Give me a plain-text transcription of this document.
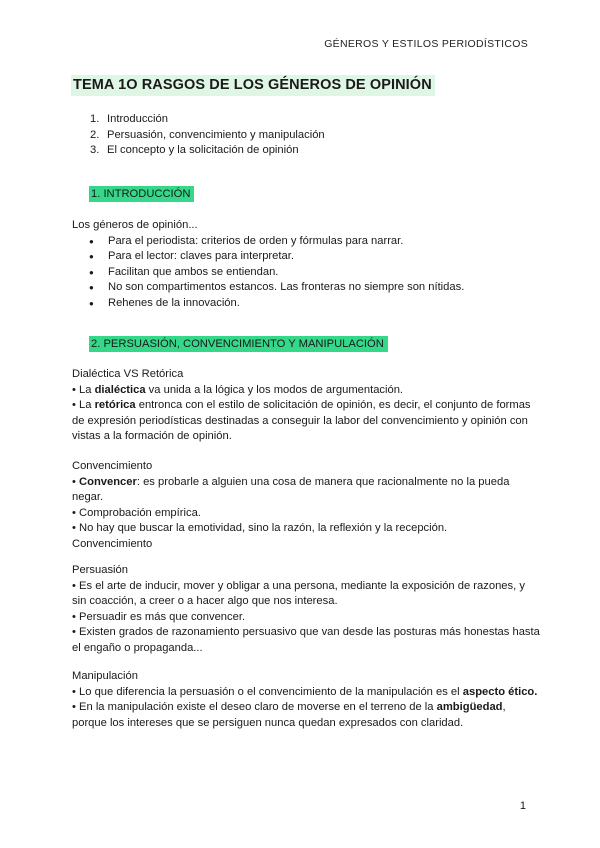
GÉNEROS Y ESTILOS PERIODÍSTICOS
TEMA 1O RASGOS DE LOS GÉNEROS DE OPINIÓN
1. Introducción
2. Persuasión, convencimiento y manipulación
3. El concepto y la solicitación de opinión
1. INTRODUCCIÓN

Los géneros de opinión...

● Para el periodista: criterios de orden y fórmulas para narrar.
● Para el lector: claves para interpretar.
● Facilitan que ambos se entiendan.
● No son compartimentos estancos. Las fronteras no siempre son nítidas.
● Rehenes de la innovación.
2. PERSUASIÓN, CONVENCIMIENTO Y MANIPULACIÓN

Dialéctica VS Retórica

• La dialéctica va unida a la lógica y los modos de argumentación.

• La retórica entronca con el estilo de solicitación de opinión, es decir, el conjunto de formas de expresión periodísticas destinadas a conseguir la labor del convencimiento y opinión con vistas a la formación de opinión.

Convencimiento

• Convencer: es probarle a alguien una cosa de manera que racionalmente no la pueda negar.

• Comprobación empírica.

• No hay que buscar la emotividad, sino la razón, la reflexión y la recepción.

Convencimiento

Persuasión

• Es el arte de inducir, mover y obligar a una persona, mediante la exposición de razones, y sin coacción, a creer o a hacer algo que nos interesa.

• Persuadir es más que convencer.

• Existen grados de razonamiento persuasivo que van desde las posturas más honestas hasta el engaño o propaganda...

Manipulación

• Lo que diferencia la persuasión o el convencimiento de la manipulación es el aspecto ético.

• En la manipulación existe el deseo claro de moverse en el terreno de la ambigüedad, porque los intereses que se persiguen nunca quedan expresados con claridad.

1
